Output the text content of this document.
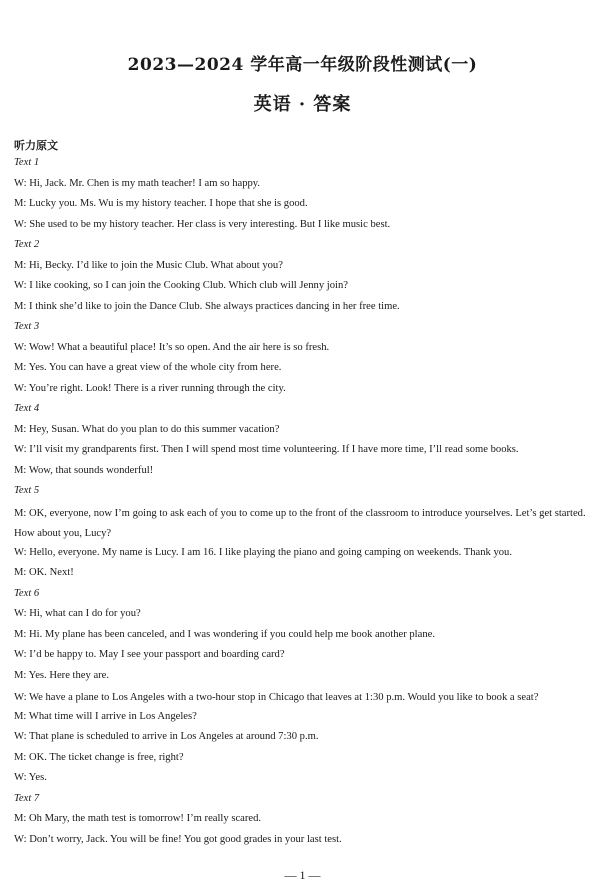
2023—2024 学年高一年级阶段性测试(一)
英语 · 答案
听力原文
Text 1
W: Hi, Jack. Mr. Chen is my math teacher! I am so happy.
M: Lucky you. Ms. Wu is my history teacher. I hope that she is good.
W: She used to be my history teacher. Her class is very interesting. But I like music best.
Text 2
M: Hi, Becky. I’d like to join the Music Club. What about you?
W: I like cooking, so I can join the Cooking Club. Which club will Jenny join?
M: I think she’d like to join the Dance Club. She always practices dancing in her free time.
Text 3
W: Wow! What a beautiful place! It’s so open. And the air here is so fresh.
M: Yes. You can have a great view of the whole city from here.
W: You’re right. Look! There is a river running through the city.
Text 4
M: Hey, Susan. What do you plan to do this summer vacation?
W: I’ll visit my grandparents first. Then I will spend most time volunteering. If I have more time, I’ll read some books.
M: Wow, that sounds wonderful!
Text 5
M: OK, everyone, now I’m going to ask each of you to come up to the front of the classroom to introduce yourselves. Let’s get started. How about you, Lucy?
W: Hello, everyone. My name is Lucy. I am 16. I like playing the piano and going camping on weekends. Thank you.
M: OK. Next!
Text 6
W: Hi, what can I do for you?
M: Hi. My plane has been canceled, and I was wondering if you could help me book another plane.
W: I’d be happy to. May I see your passport and boarding card?
M: Yes. Here they are.
W: We have a plane to Los Angeles with a two-hour stop in Chicago that leaves at 1:30 p.m. Would you like to book a seat?
M: What time will I arrive in Los Angeles?
W: That plane is scheduled to arrive in Los Angeles at around 7:30 p.m.
M: OK. The ticket change is free, right?
W: Yes.
Text 7
M: Oh Mary, the math test is tomorrow! I’m really scared.
W: Don’t worry, Jack. You will be fine! You got good grades in your last test.
— 1 —
